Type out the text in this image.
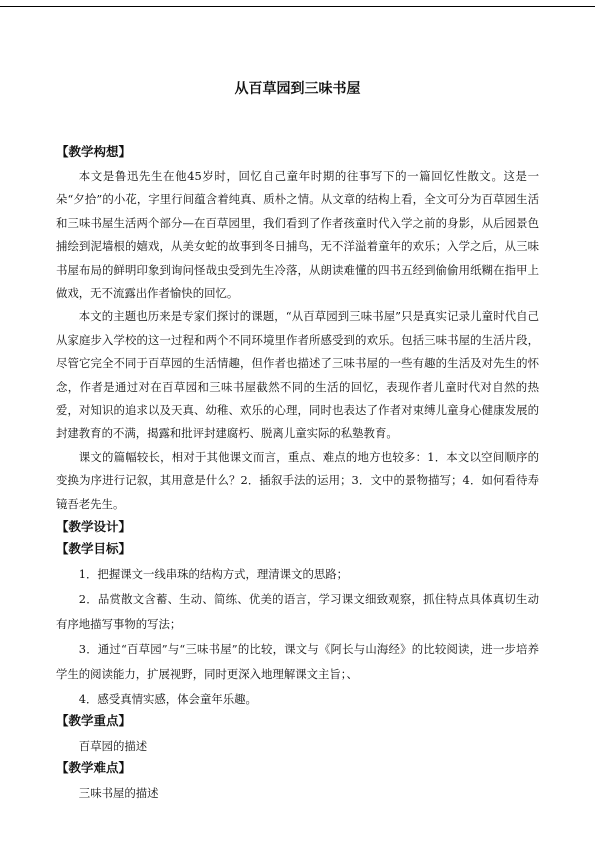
从百草园到三味书屋
【教学构想】

本文是鲁迅先生在他45岁时，回忆自己童年时期的往事写下的一篇回忆性散文。这是一朵“夕拾”的小花，字里行间蕴含着纯真、质朴之情。从文章的结构上看，全文可分为百草园生活和三味书屋生活两个部分—在百草园里，我们看到了作者孩童时代入学之前的身影，从后园景色捕绘到泥墙根的嬉戏，从美女蛇的故事到冬日捕鸟，无不洋溢着童年的欢乐；入学之后，从三味书屋布局的鲜明印象到询问怪哉虫受到先生冷落，从朗读难懂的四书五经到偷偷用纸糊在指甲上做戏，无不流露出作者愉快的回忆。

本文的主题也历来是专家们探讨的课题，“从百草园到三味书屋”只是真实记录儿童时代自己从家庭步入学校的这一过程和两个不同环境里作者所感受到的欢乐。包括三味书屋的生活片段，尽管它完全不同于百草园的生活情趣，但作者也描述了三味书屋的一些有趣的生活及对先生的怀念，作者是通过对在百草园和三味书屋截然不同的生活的回忆，表现作者儿童时代对自然的热爱，对知识的追求以及天真、幼稚、欢乐的心理，同时也表达了作者对束缚儿童身心健康发展的封建教育的不满，揭露和批评封建腐朽、脱离儿童实际的私塾教育。

课文的篇幅较长，相对于其他课文而言，重点、难点的地方也较多：1．本文以空间顺序的变换为序进行记叙，其用意是什么？2．插叙手法的运用；3．文中的景物描写；4．如何看待寿镜吾老先生。

【教学设计】
【教学目标】

1．把握课文一线串珠的结构方式，理清课文的思路；

2．品赏散文含蓄、生动、简练、优美的语言，学习课文细致观察，抓住特点具体真切生动有序地描写事物的写法；

3．通过“百草园”与“三味书屋”的比较，课文与《阿长与山海经》的比较阅读，进一步培养学生的阅读能力，扩展视野，同时更深入地理解课文主旨；、

4．感受真情实感，体会童年乐趣。

【教学重点】

百草园的描述

【教学难点】

三味书屋的描述
